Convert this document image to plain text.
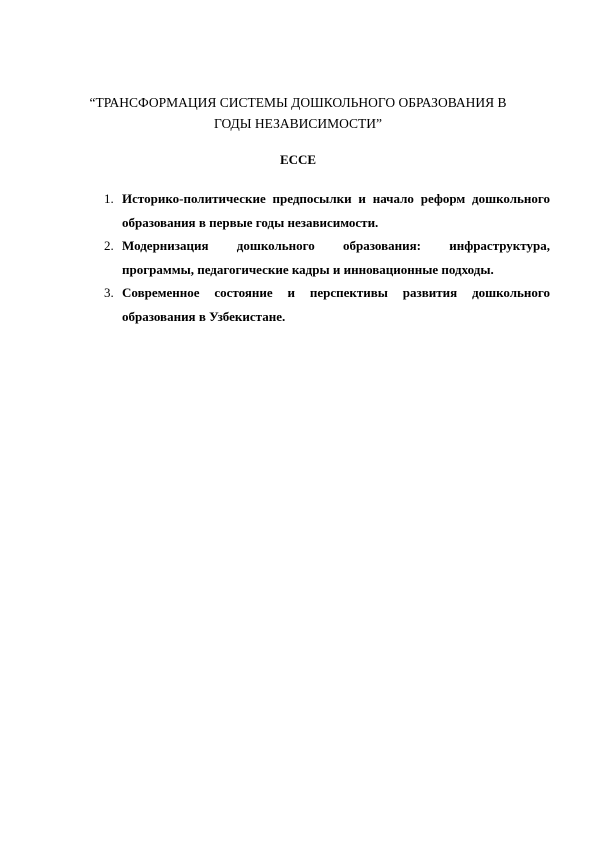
“ТРАНСФОРМАЦИЯ СИСТЕМЫ ДОШКОЛЬНОГО ОБРАЗОВАНИЯ В ГОДЫ НЕЗАВИСИМОСТИ”
ЕССЕ
1. Историко-политические предпосылки и начало реформ дошкольного образования в первые годы независимости.
2. Модернизация дошкольного образования: инфраструктура, программы, педагогические кадры и инновационные подходы.
3. Современное состояние и перспективы развития дошкольного образования в Узбекистане.
